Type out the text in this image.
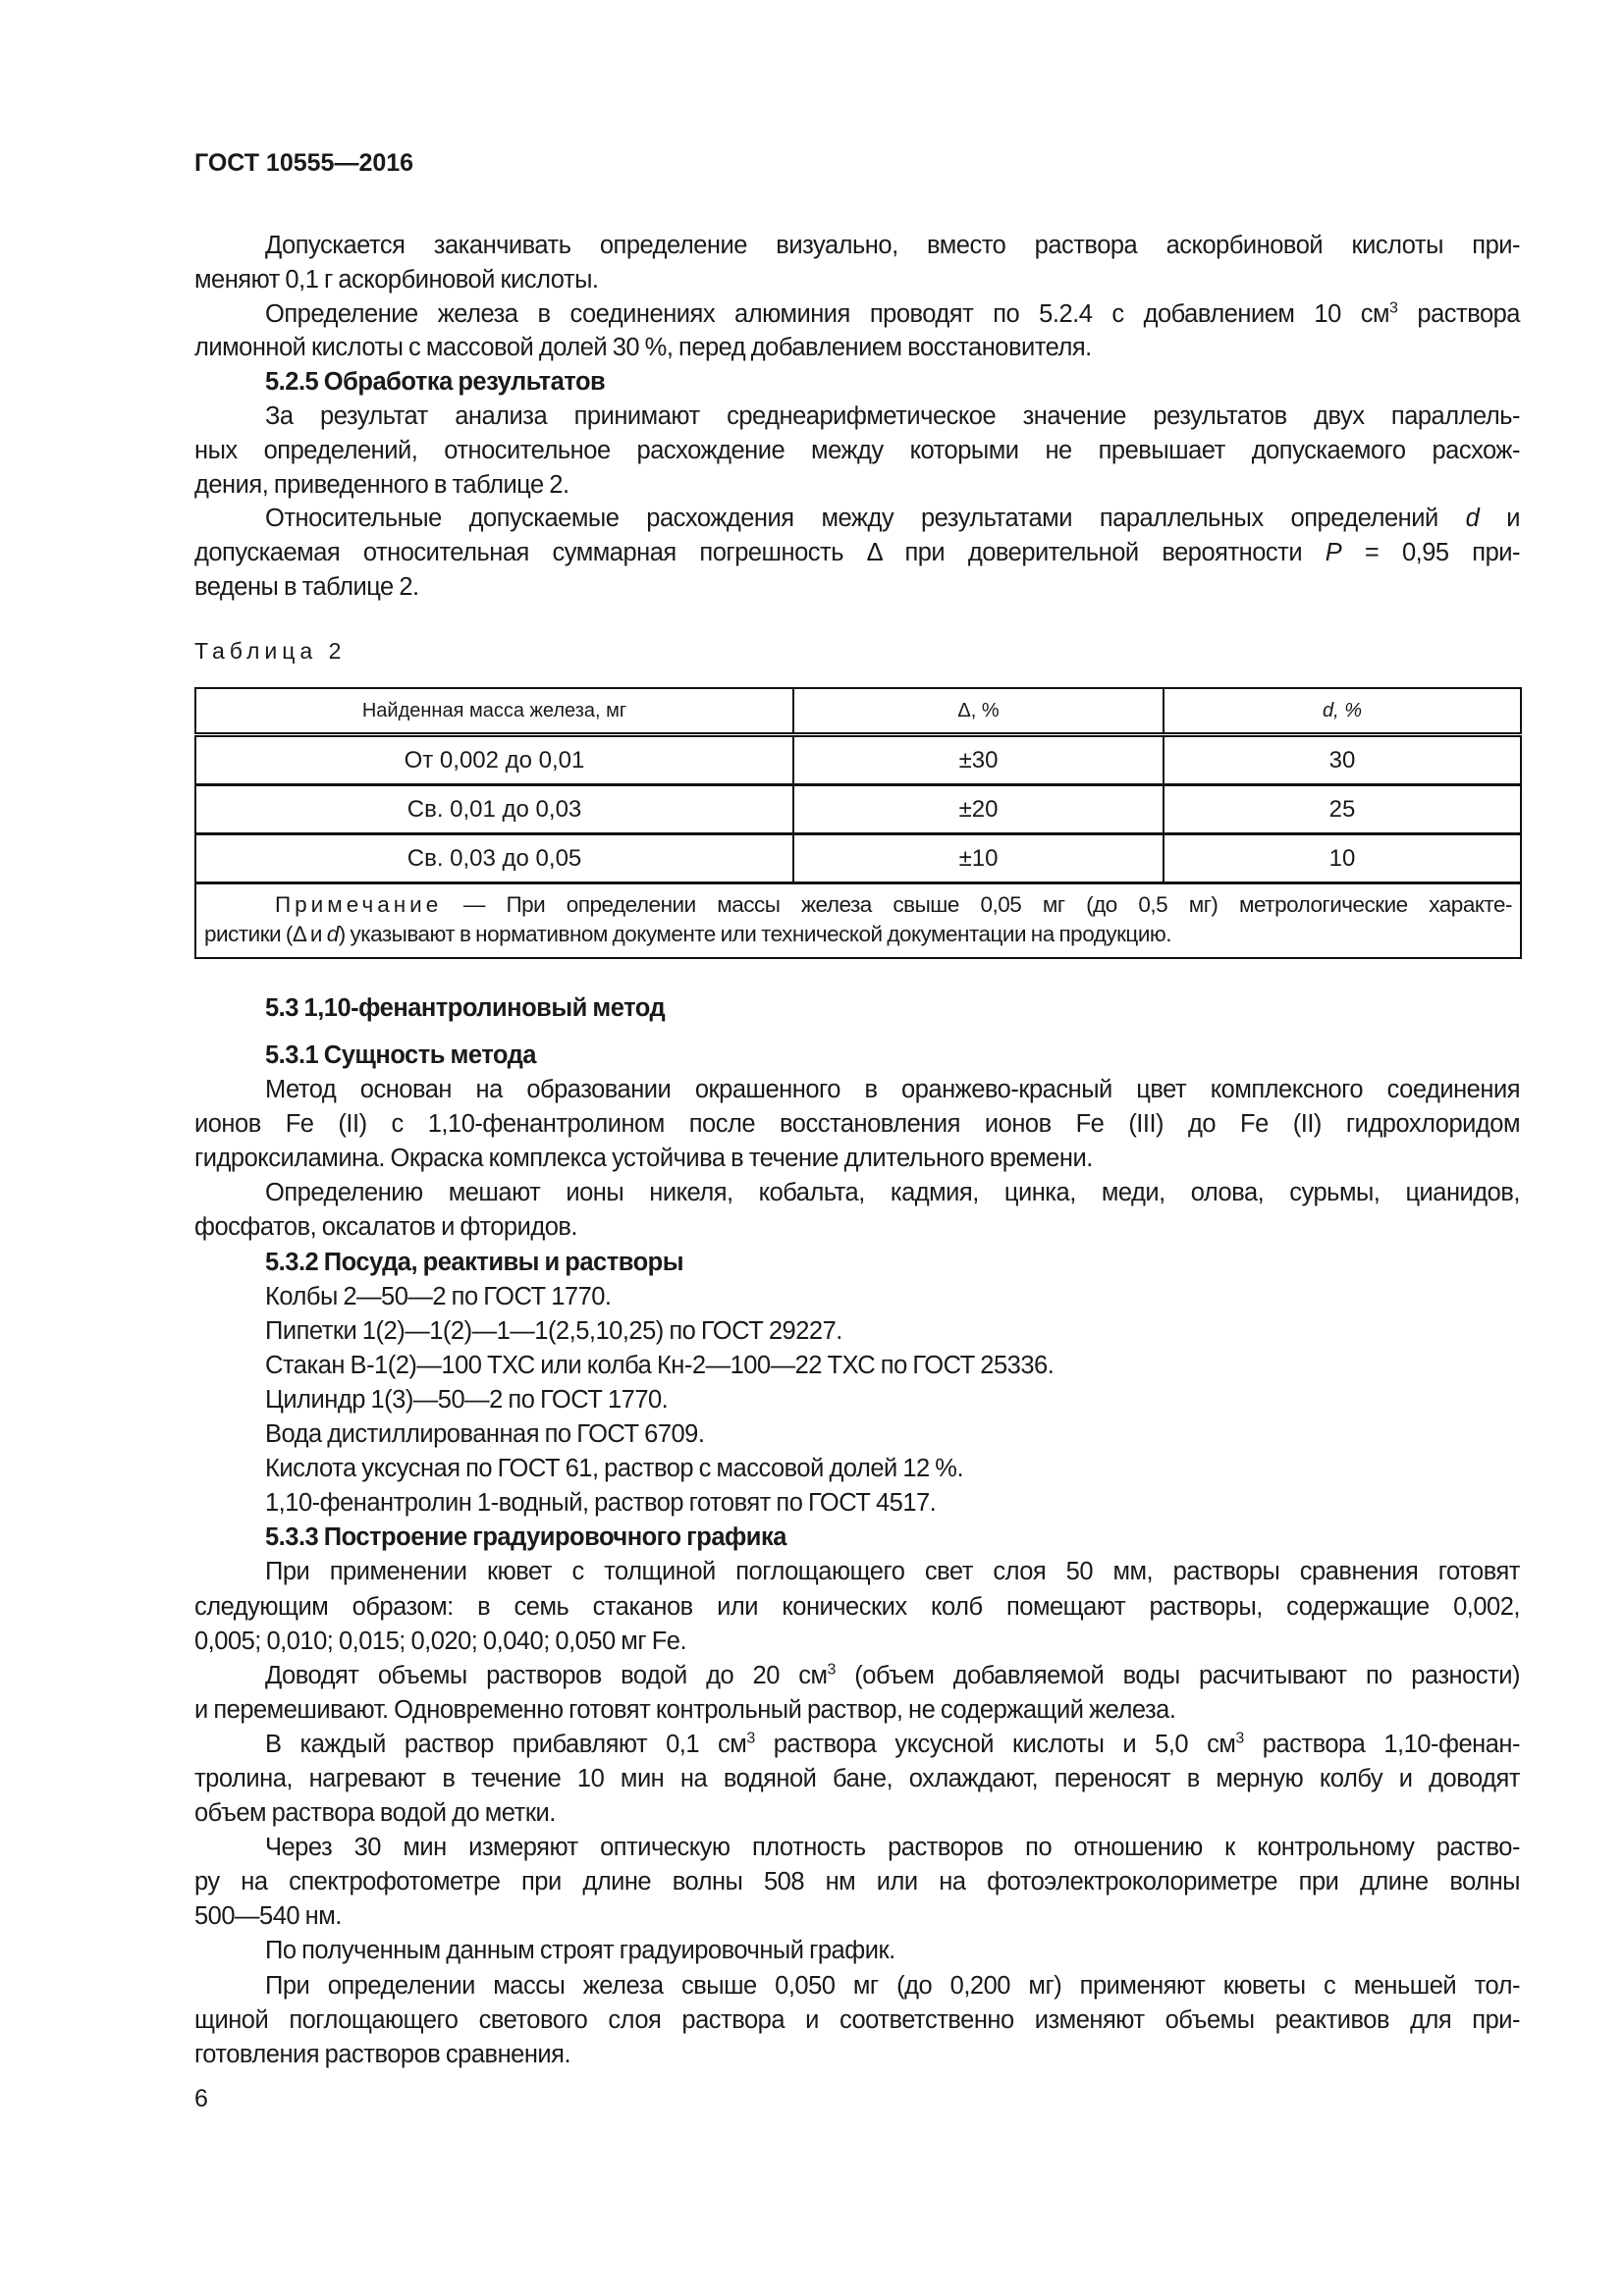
ГОСТ 10555—2016
Допускается заканчивать определение визуально, вместо раствора аскорбиновой кислоты при-
меняют 0,1 г аскорбиновой кислоты.
Определение железа в соединениях алюминия проводят по 5.2.4 с добавлением 10 $см^3$ раствора
лимонной кислоты с массовой долей 30 %, перед добавлением восстановителя.
5.2.5 Обработка результатов
За результат анализа принимают среднеарифметическое значение результатов двух параллель-
ных определений, относительное расхождение между которыми не превышает допускаемого расхож-
дения, приведенного в таблице 2.
Относительные допускаемые расхождения между результатами параллельных определений d и
допускаемая относительная суммарная погрешность Δ при доверительной вероятности P = 0,95 при-
ведены в таблице 2.
Таблица 2
Найденная масса железа, мг	Δ, %	d, %
От 0,002 до 0,01	±30	30
Св. 0,01 до 0,03	±20	25
Св. 0,03 до 0,05	±10	10

Примечание — При определении массы железа свыше 0,05 мг (до 0,5 мг) метрологические характе-
ристики (Δ и d) указывают в нормативном документе или технической документации на продукцию.		
5.3 1,10-фенантролиновый метод
5.3.1 Сущность метода
Метод основан на образовании окрашенного в оранжево-красный цвет комплексного соединения
ионов Fe (II) с 1,10-фенантролином после восстановления ионов Fe (III) до Fe (II) гидрохлоридом
гидроксиламина. Окраска комплекса устойчива в течение длительного времени.
Определению мешают ионы никеля, кобальта, кадмия, цинка, меди, олова, сурьмы, цианидов,
фосфатов, оксалатов и фторидов.
5.3.2 Посуда, реактивы и растворы
Колбы 2—50—2 по ГОСТ 1770.
Пипетки 1(2)—1(2)—1—1(2,5,10,25) по ГОСТ 29227.
Стакан В-1(2)—100 ТХС или колба Кн-2—100—22 ТХС по ГОСТ 25336.
Цилиндр 1(3)—50—2 по ГОСТ 1770.
Вода дистиллированная по ГОСТ 6709.
Кислота уксусная по ГОСТ 61, раствор с массовой долей 12 %.
1,10-фенантролин 1-водный, раствор готовят по ГОСТ 4517.
5.3.3 Построение градуировочного графика
При применении кювет с толщиной поглощающего свет слоя 50 мм, растворы сравнения готовят
следующим образом: в семь стаканов или конических колб помещают растворы, содержащие 0,002,
0,005; 0,010; 0,015; 0,020; 0,040; 0,050 мг Fe.
Доводят объемы растворов водой до 20 $см^3$ (объем добавляемой воды расчитывают по разности)
и перемешивают. Одновременно готовят контрольный раствор, не содержащий железа.
В каждый раствор прибавляют 0,1 $см^3$ раствора уксусной кислоты и 5,0 $см^3$ раствора 1,10-фенан-
тролина, нагревают в течение 10 мин на водяной бане, охлаждают, переносят в мерную колбу и доводят
объем раствора водой до метки.
Через 30 мин измеряют оптическую плотность растворов по отношению к контрольному раство-
ру на спектрофотометре при длине волны 508 нм или на фотоэлектроколориметре при длине волны
500—540 нм.
По полученным данным строят градуировочный график.
При определении массы железа свыше 0,050 мг (до 0,200 мг) применяют кюветы с меньшей тол-
щиной поглощающего светового слоя раствора и соответственно изменяют объемы реактивов для при-
готовления растворов сравнения.
6
